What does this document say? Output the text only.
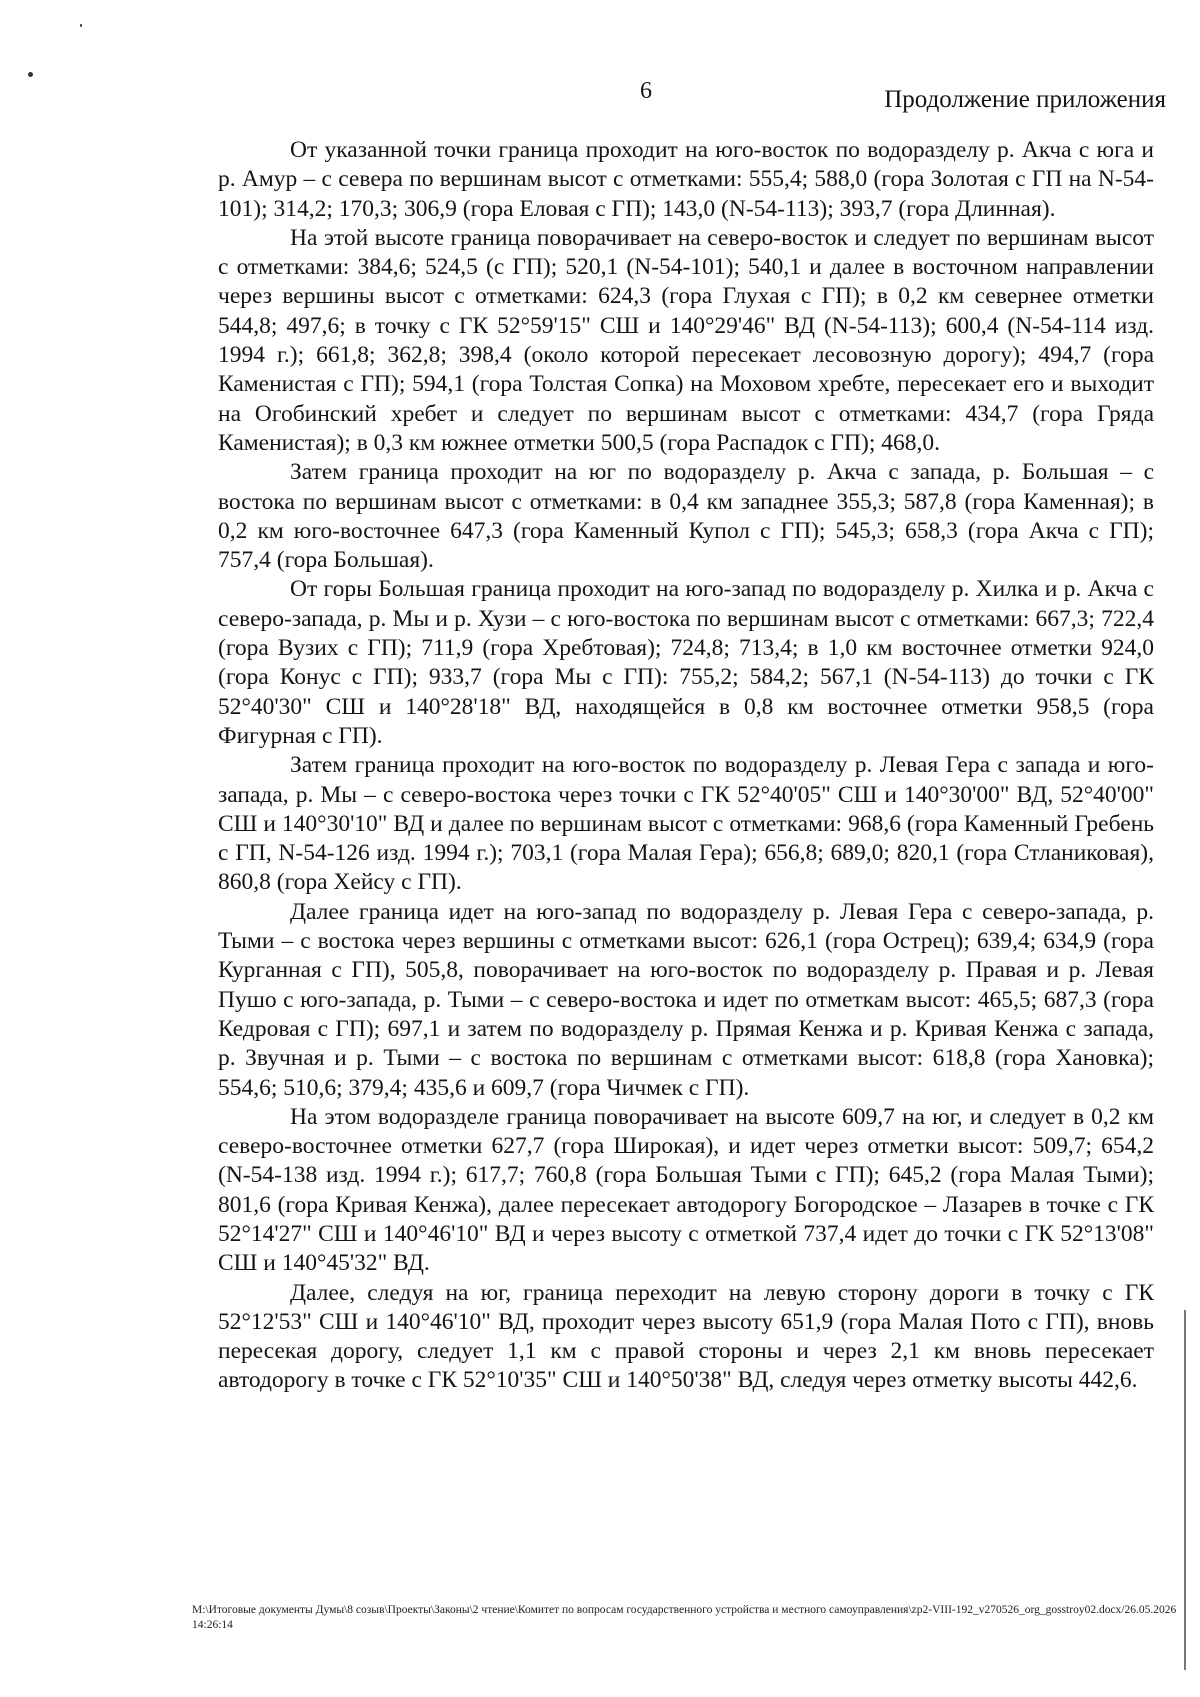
6	Продолжение приложения

От указанной точки граница проходит на юго-восток по водоразделу р. Акча с юга и р. Амур – с севера по вершинам высот с отметками: 555,4; 588,0 (гора Золотая с ГП на N-54-101); 314,2; 170,3; 306,9 (гора Еловая с ГП); 143,0 (N-54-113); 393,7 (гора Длинная).

На этой высоте граница поворачивает на северо-восток и следует по вершинам высот с отметками: 384,6; 524,5 (с ГП); 520,1 (N-54-101); 540,1 и далее в восточном направлении через вершины высот с отметками: 624,3 (гора Глухая с ГП); в 0,2 км севернее отметки 544,8; 497,6; в точку с ГК 52°59'15" СШ и 140°29'46" ВД (N-54-113); 600,4 (N-54-114 изд. 1994 г.); 661,8; 362,8; 398,4 (около которой пересекает лесовозную дорогу); 494,7 (гора Каменистая с ГП); 594,1 (гора Толстая Сопка) на Моховом хребте, пересекает его и выходит на Огобинский хребет и следует по вершинам высот с отметками: 434,7 (гора Гряда Каменистая); в 0,3 км южнее отметки 500,5 (гора Распадок с ГП); 468,0.

Затем граница проходит на юг по водоразделу р. Акча с запада, р. Большая – с востока по вершинам высот с отметками: в 0,4 км западнее 355,3; 587,8 (гора Каменная); в 0,2 км юго-восточнее 647,3 (гора Каменный Купол с ГП); 545,3; 658,3 (гора Акча с ГП); 757,4 (гора Большая).

От горы Большая граница проходит на юго-запад по водоразделу р. Хилка и р. Акча с северо-запада, р. Мы и р. Хузи – с юго-востока по вершинам высот с отметками: 667,3; 722,4 (гора Вузих с ГП); 711,9 (гора Хребтовая); 724,8; 713,4; в 1,0 км восточнее отметки 924,0 (гора Конус с ГП); 933,7 (гора Мы с ГП): 755,2; 584,2; 567,1 (N-54-113) до точки с ГК 52°40'30" СШ и 140°28'18" ВД, находящейся в 0,8 км восточнее отметки 958,5 (гора Фигурная с ГП).

Затем граница проходит на юго-восток по водоразделу р. Левая Гера с запада и юго-запада, р. Мы – с северо-востока через точки с ГК 52°40'05" СШ и 140°30'00" ВД, 52°40'00" СШ и 140°30'10" ВД и далее по вершинам высот с отметками: 968,6 (гора Каменный Гребень с ГП, N-54-126 изд. 1994 г.); 703,1 (гора Малая Гера); 656,8; 689,0; 820,1 (гора Стланиковая), 860,8 (гора Хейсу с ГП).

Далее граница идет на юго-запад по водоразделу р. Левая Гера с северо-запада, р. Тыми – с востока через вершины с отметками высот: 626,1 (гора Острец); 639,4; 634,9 (гора Курганная с ГП), 505,8, поворачивает на юго-восток по водоразделу р. Правая и р. Левая Пушо с юго-запада, р. Тыми – с северо-востока и идет по отметкам высот: 465,5; 687,3 (гора Кедровая с ГП); 697,1 и затем по водоразделу р. Прямая Кенжа и р. Кривая Кенжа с запада, р. Звучная и р. Тыми – с востока по вершинам с отметками высот: 618,8 (гора Хановка); 554,6; 510,6; 379,4; 435,6 и 609,7 (гора Чичмек с ГП).

На этом водоразделе граница поворачивает на высоте 609,7 на юг, и следует в 0,2 км северо-восточнее отметки 627,7 (гора Широкая), и идет через отметки высот: 509,7; 654,2 (N-54-138 изд. 1994 г.); 617,7; 760,8 (гора Большая Тыми с ГП); 645,2 (гора Малая Тыми); 801,6 (гора Кривая Кенжа), далее пересекает автодорогу Богородское – Лазарев в точке с ГК 52°14'27" СШ и 140°46'10" ВД и через высоту с отметкой 737,4 идет до точки с ГК 52°13'08" СШ и 140°45'32" ВД.

Далее, следуя на юг, граница переходит на левую сторону дороги в точку с ГК 52°12'53" СШ и 140°46'10" ВД, проходит через высоту 651,9 (гора Малая Пото с ГП), вновь пересекая дорогу, следует 1,1 км с правой стороны и через 2,1 км вновь пересекает автодорогу в точке с ГК 52°10'35" СШ и 140°50'38" ВД, следуя через отметку высоты 442,6.

M:\Итоговые документы Думы\8 созыв\Проекты\Законы\2 чтение\Комитет по вопросам государственного устройства и местного самоуправления\zp2-VIII-192_v270526_org_gosstroy02.docx/26.05.2026 14:26:14
